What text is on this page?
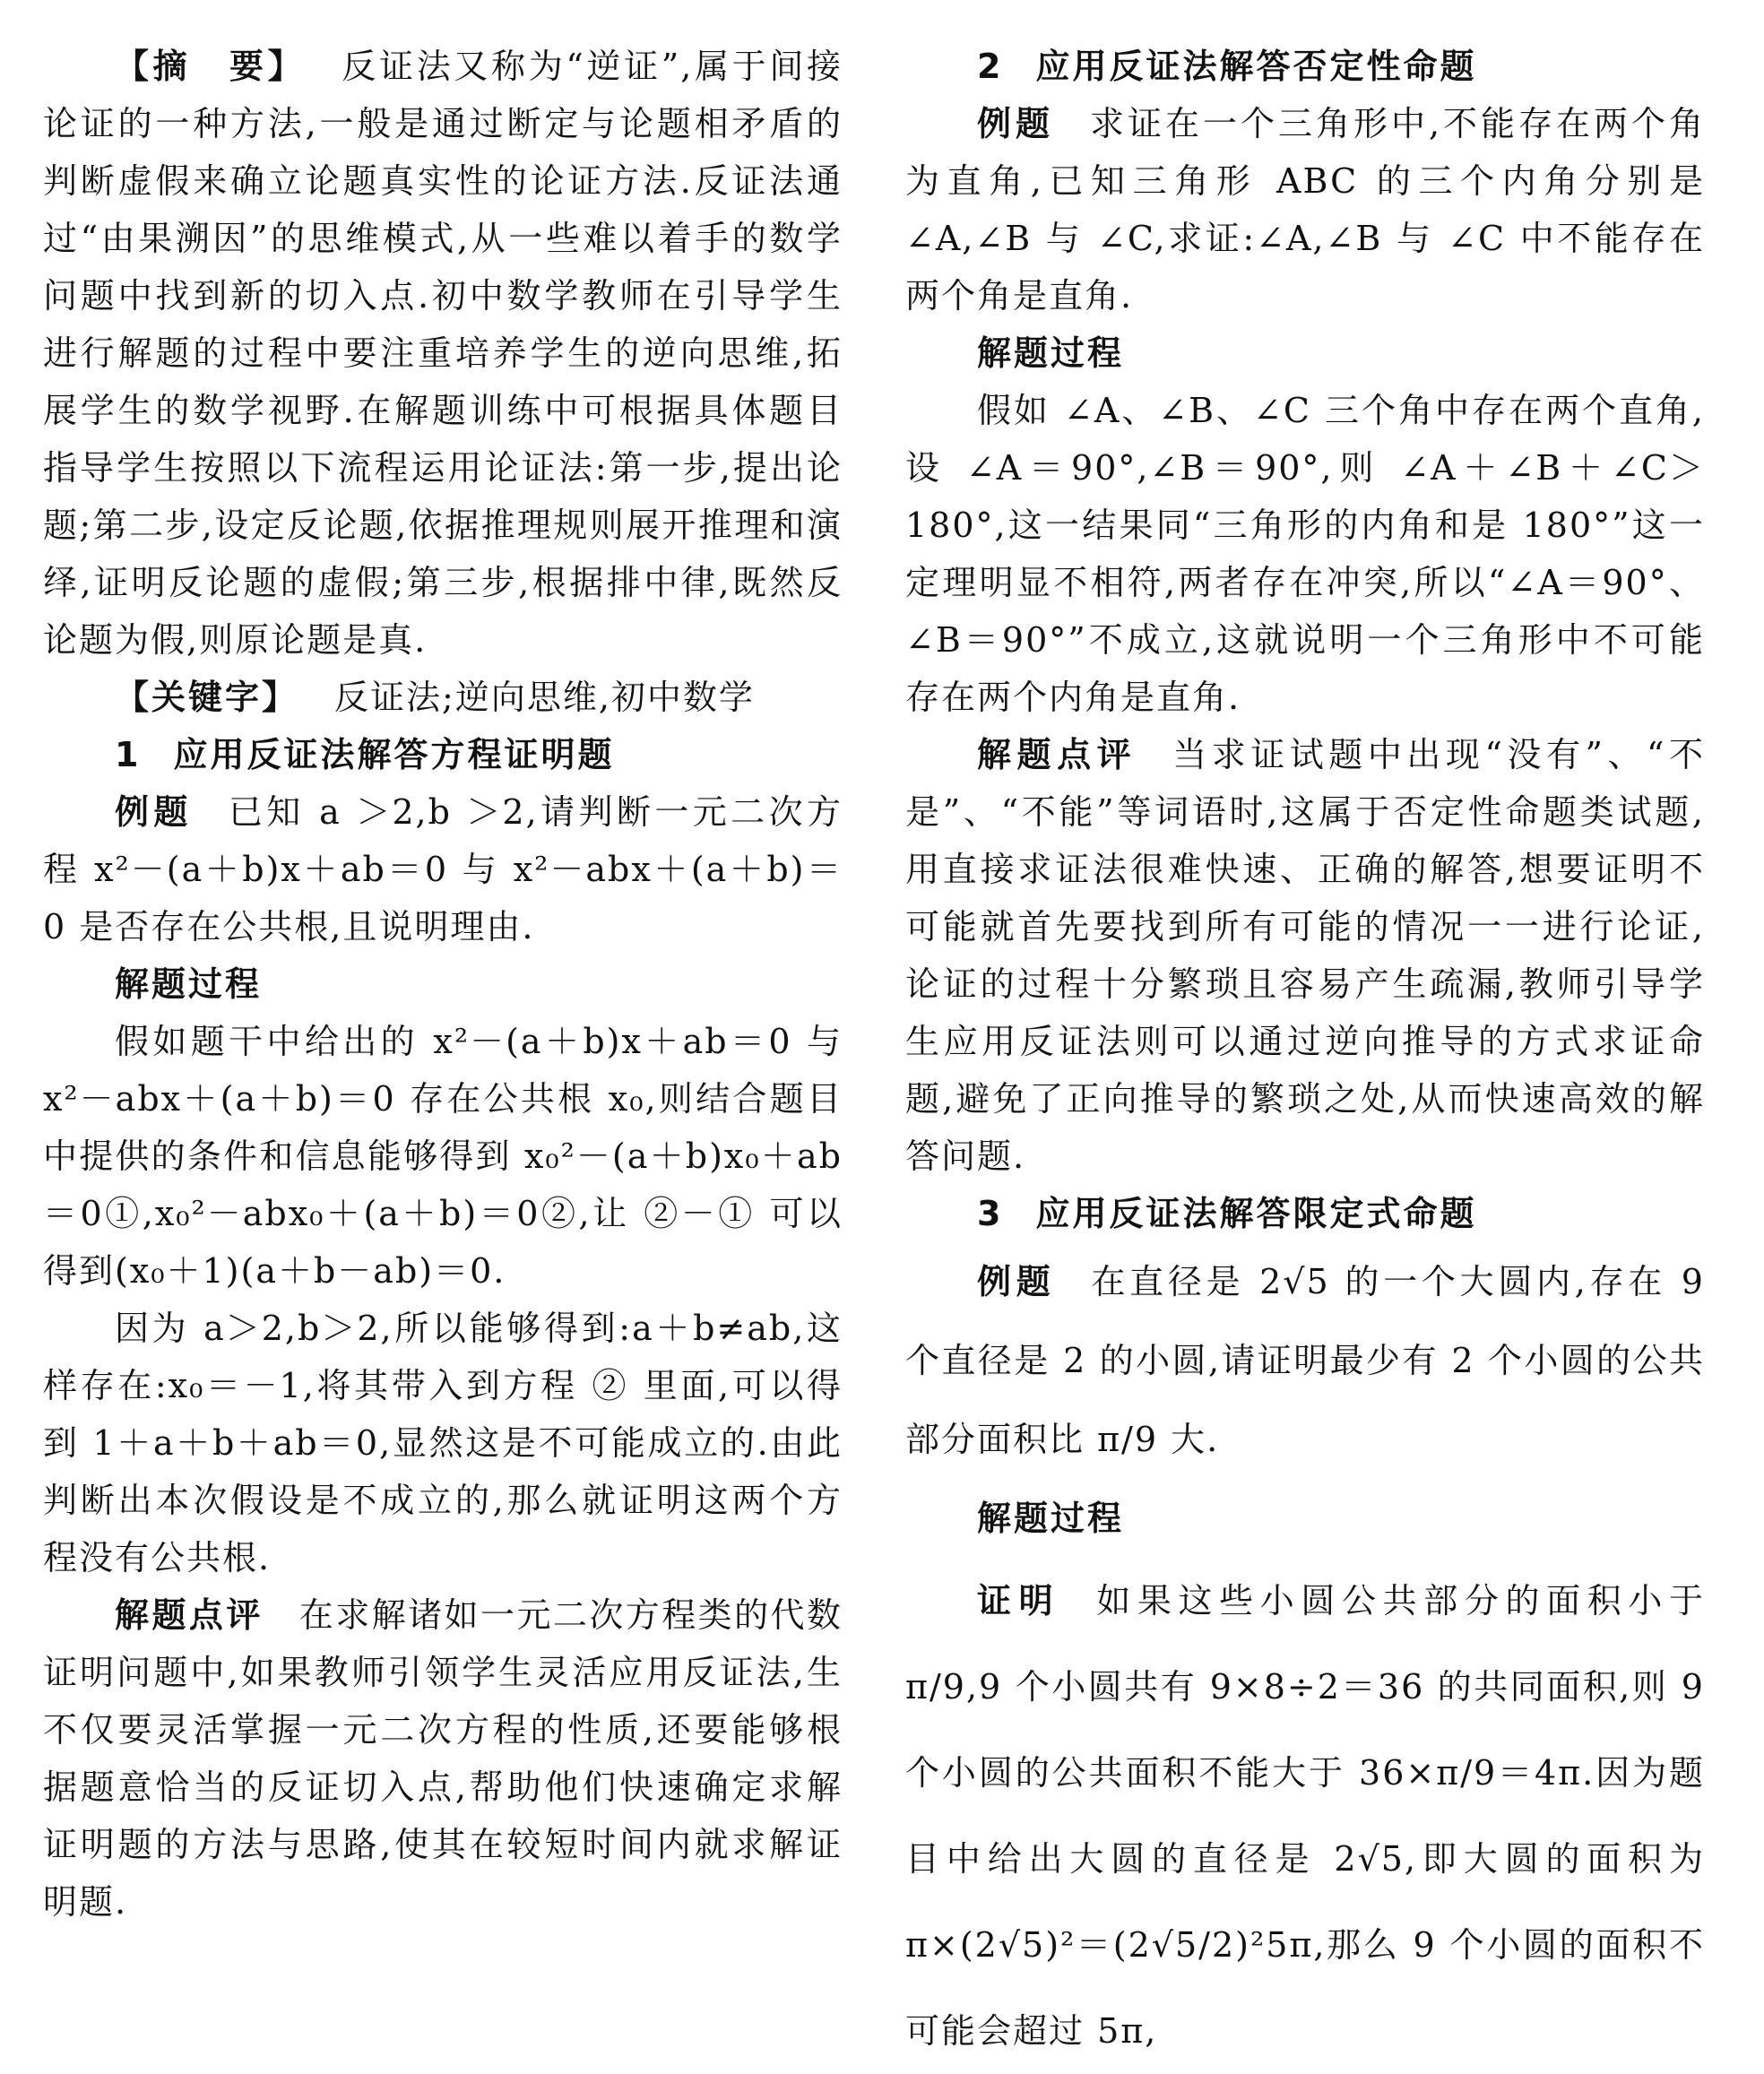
【摘　要】 反证法又称为“逆证”,属于间接论证的一种方法,一般是通过断定与论题相矛盾的判断虚假来确立论题真实性的论证方法.反证法通过“由果溯因”的思维模式,从一些难以着手的数学问题中找到新的切入点.初中数学教师在引导学生进行解题的过程中要注重培养学生的逆向思维,拓展学生的数学视野.在解题训练中可根据具体题目指导学生按照以下流程运用论证法:第一步,提出论题;第二步,设定反论题,依据推理规则展开推理和演绎,证明反论题的虚假;第三步,根据排中律,既然反论题为假,则原论题是真.

【关键字】 反证法;逆向思维,初中数学

1 应用反证法解答方程证明题

例题 已知 a ＞2,b ＞2,请判断一元二次方程 x²－(a＋b)x＋ab＝0 与 x²－abx＋(a＋b)＝0 是否存在公共根,且说明理由.

解题过程

假如题干中给出的 x²－(a＋b)x＋ab＝0 与 x²－abx＋(a＋b)＝0 存在公共根 x₀,则结合题目中提供的条件和信息能够得到 x₀²－(a＋b)x₀＋ab＝0①,x₀²－abx₀＋(a＋b)＝0②,让 ②－① 可以得到(x₀＋1)(a＋b－ab)＝0.

因为 a＞2,b＞2,所以能够得到:a＋b≠ab,这样存在:x₀＝－1,将其带入到方程 ② 里面,可以得到 1＋a＋b＋ab＝0,显然这是不可能成立的.由此判断出本次假设是不成立的,那么就证明这两个方程没有公共根.

解题点评 在求解诸如一元二次方程类的代数证明问题中,如果教师引领学生灵活应用反证法,生不仅要灵活掌握一元二次方程的性质,还要能够根据题意恰当的反证切入点,帮助他们快速确定求解证明题的方法与思路,使其在较短时间内就求解证明题.

2 应用反证法解答否定性命题

例题 求证在一个三角形中,不能存在两个角为直角,已知三角形 ABC 的三个内角分别是 ∠A,∠B 与 ∠C,求证:∠A,∠B 与 ∠C 中不能存在两个角是直角.

解题过程

假如 ∠A、∠B、∠C 三个角中存在两个直角,设 ∠A＝90°,∠B＝90°,则 ∠A＋∠B＋∠C＞180°,这一结果同“三角形的内角和是 180°”这一定理明显不相符,两者存在冲突,所以“∠A＝90°、∠B＝90°”不成立,这就说明一个三角形中不可能存在两个内角是直角.

解题点评 当求证试题中出现“没有”、“不是”、“不能”等词语时,这属于否定性命题类试题,用直接求证法很难快速、正确的解答,想要证明不可能就首先要找到所有可能的情况一一进行论证,论证的过程十分繁琐且容易产生疏漏,教师引导学生应用反证法则可以通过逆向推导的方式求证命题,避免了正向推导的繁琐之处,从而快速高效的解答问题.

3 应用反证法解答限定式命题

例题 在直径是 2√5 的一个大圆内,存在 9 个直径是 2 的小圆,请证明最少有 2 个小圆的公共部分面积比 π/9 大.

解题过程

证明 如果这些小圆公共部分的面积小于 π/9,9 个小圆共有 9×8÷2＝36 的共同面积,则 9 个小圆的公共面积不能大于 36×π/9＝4π.因为题目中给出大圆的直径是 2√5,即大圆的面积为 π×(2√5)²＝(2√5/2)²5π,那么 9 个小圆的面积不可能会超过 5π,
